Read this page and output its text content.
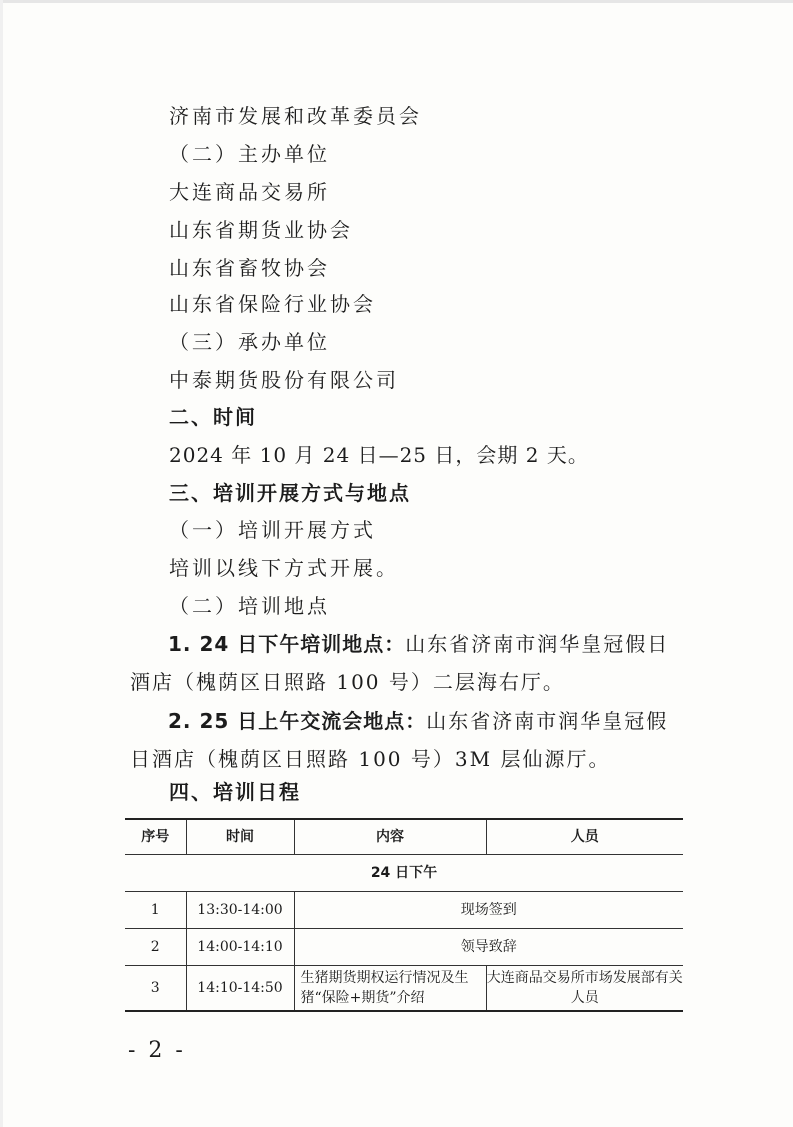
济南市发展和改革委员会
（二）主办单位
大连商品交易所
山东省期货业协会
山东省畜牧协会
山东省保险行业协会
（三）承办单位
中泰期货股份有限公司
二、时间
2024 年 10 月 24 日—25 日，会期 2 天。
三、培训开展方式与地点
（一）培训开展方式
培训以线下方式开展。
（二）培训地点
1. 24 日下午培训地点：山东省济南市润华皇冠假日酒店（槐荫区日照路 100 号）二层海右厅。
2. 25 日上午交流会地点：山东省济南市润华皇冠假日酒店（槐荫区日照路 100 号）3M 层仙源厅。
四、培训日程
序号	时间	内容	人员
24 日下午			
1	13:30-14:00	现场签到	
2	14:00-14:10	领导致辞	
3	14:10-14:50	生猪期货期权运行情况及生猪“保险+期货”介绍	大连商品交易所市场发展部有关人员
- 2 -
